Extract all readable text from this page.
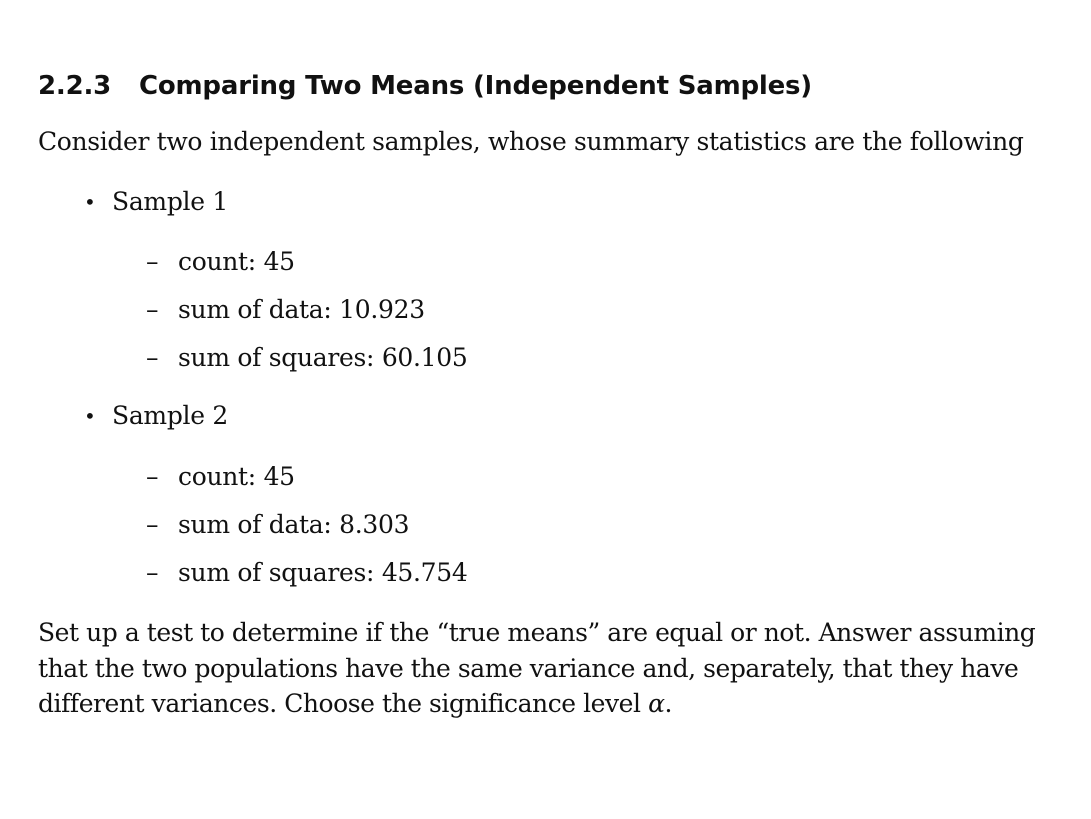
2.2.3 Comparing Two Means (Independent Samples)
Consider two independent samples, whose summary statistics are the following
• Sample 1
– count: 45
– sum of data: 10.923
– sum of squares: 60.105
• Sample 2
– count: 45
– sum of data: 8.303
– sum of squares: 45.754
Set up a test to determine if the “true means” are equal or not. Answer assuming
that the two populations have the same variance and, separately, that they have
different variances. Choose the significance level α.
